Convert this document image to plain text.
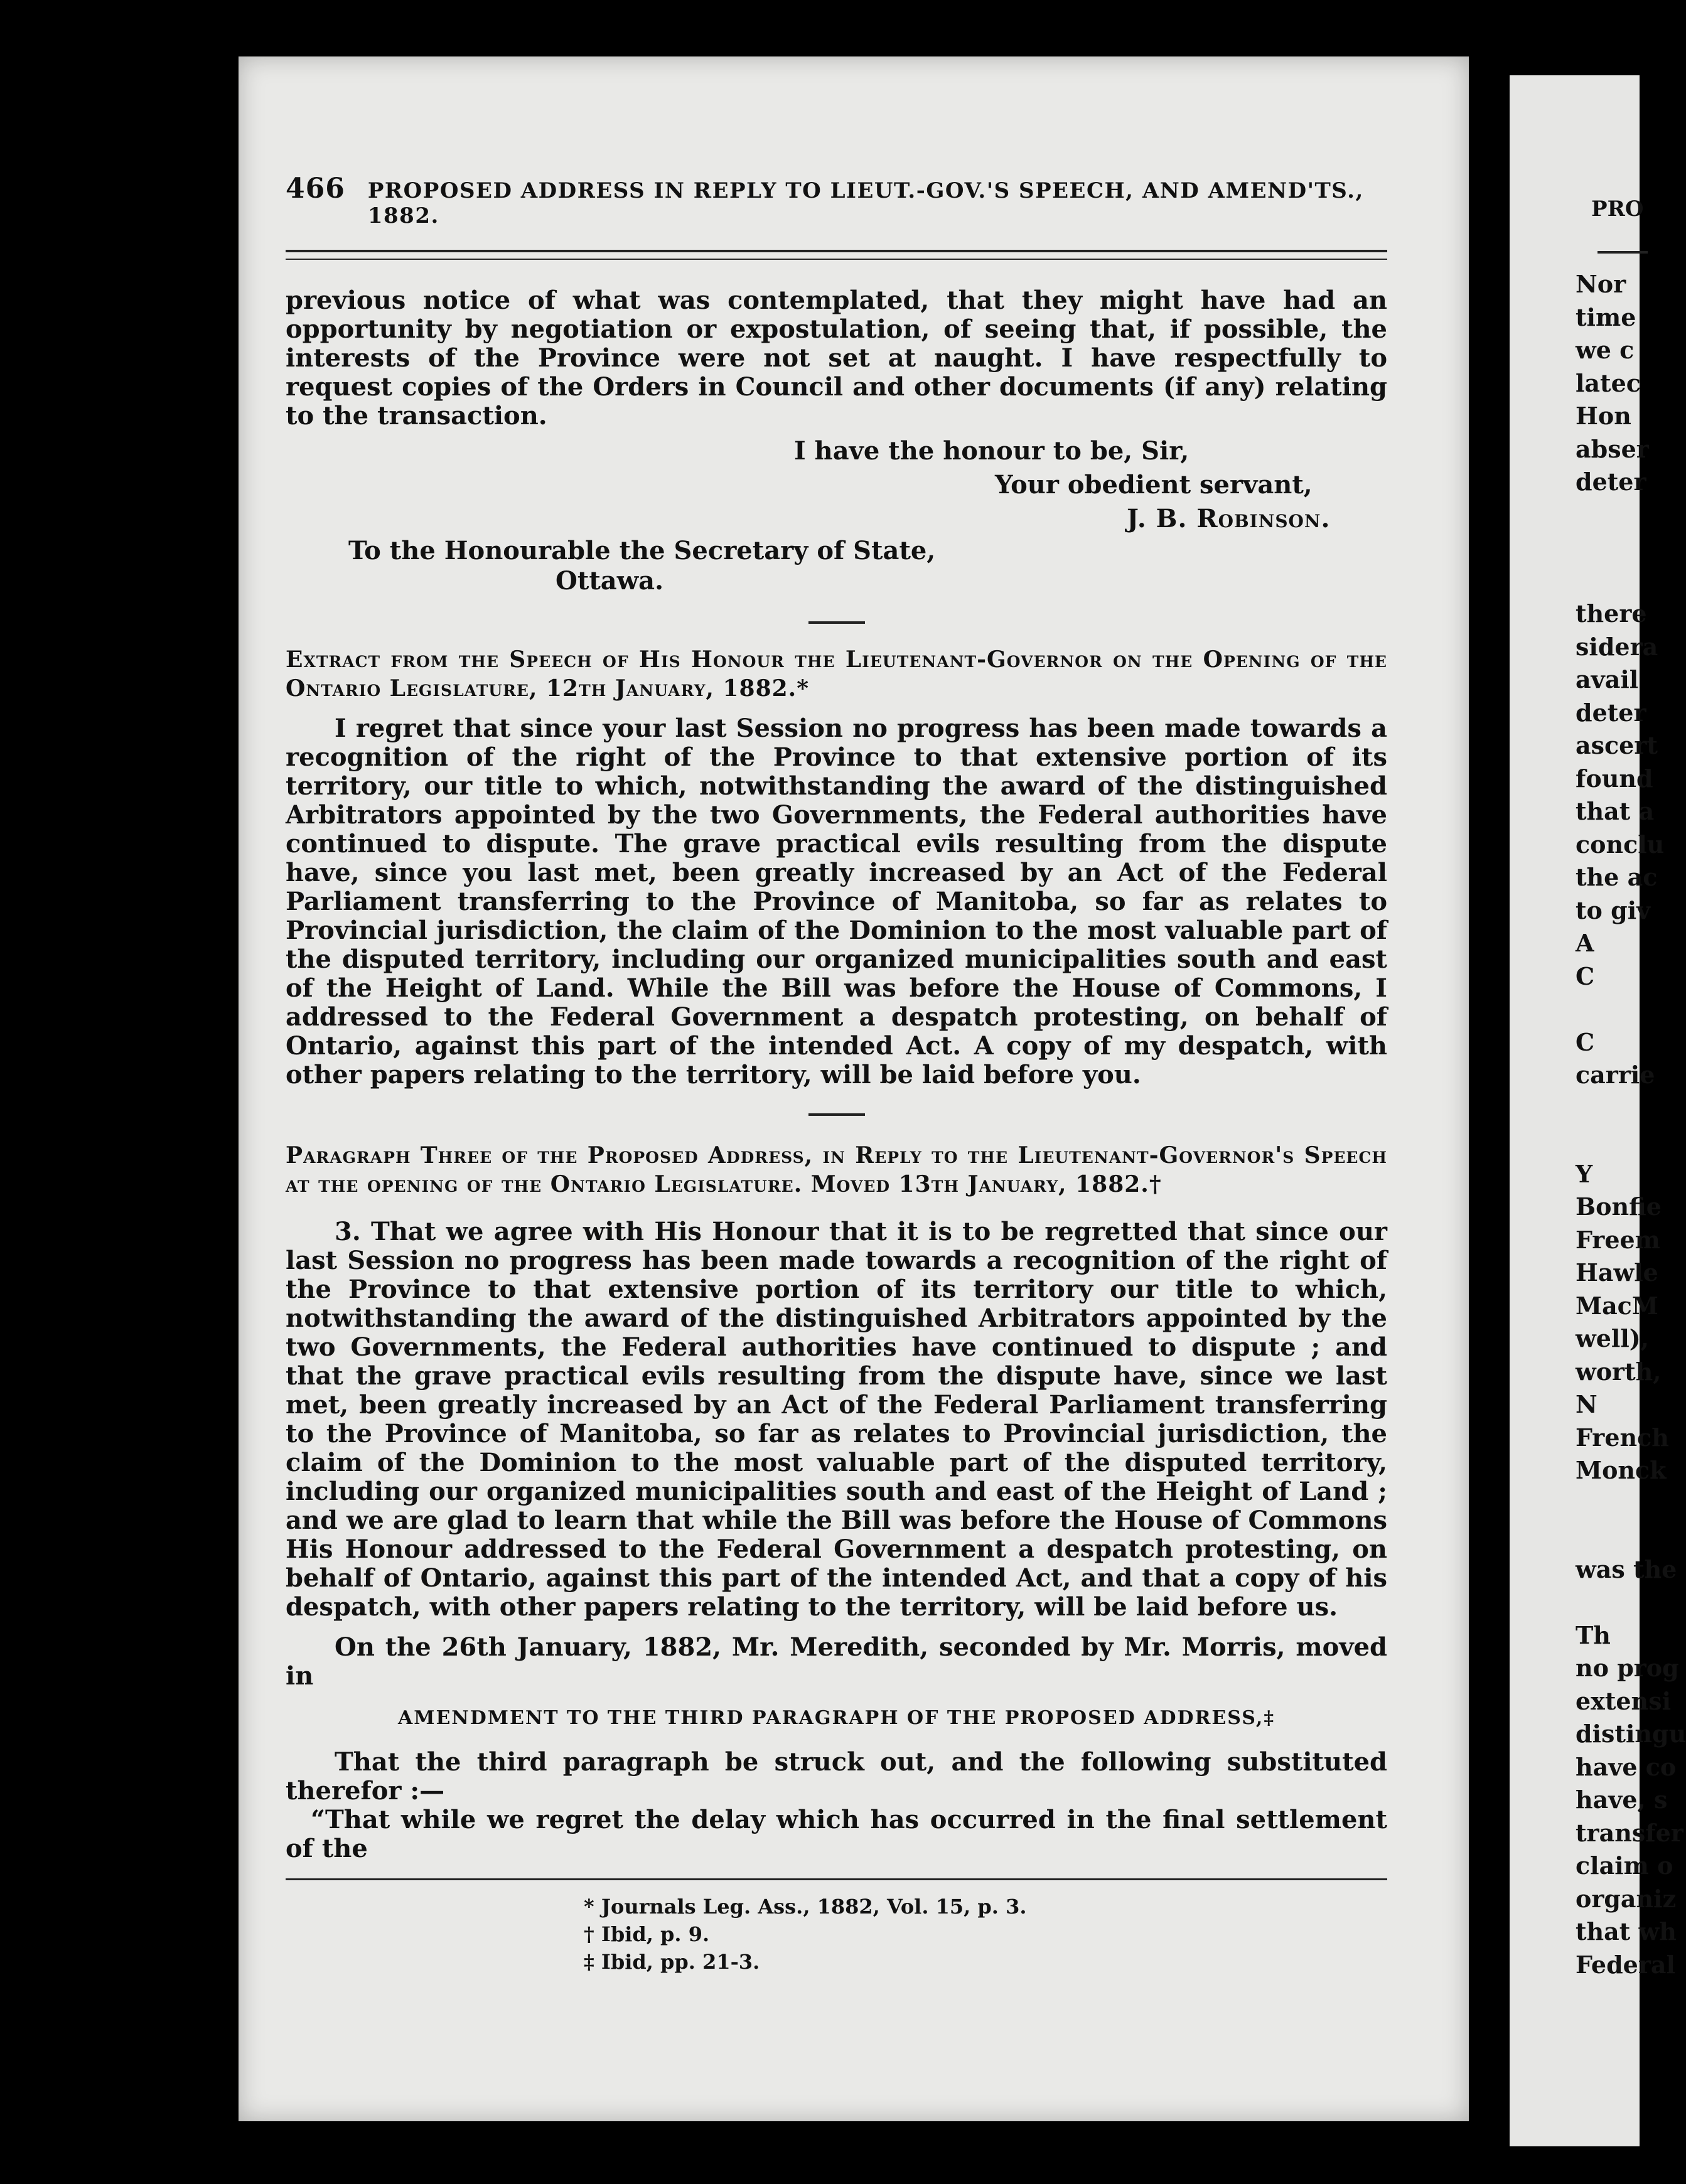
466 PROPOSED ADDRESS IN REPLY TO LIEUT.-GOV.'S SPEECH, AND AMEND'TS., 1882.

previous notice of what was contemplated, that they might have had an opportunity by negotiation or expostulation, of seeing that, if possible, the interests of the Province were not set at naught. I have respectfully to request copies of the Orders in Council and other documents (if any) relating to the transaction.

I have the honour to be, Sir,
Your obedient servant,
J. B. Robinson.
To the Honourable the Secretary of State,
Ottawa.
Extract from the Speech of His Honour the Lieutenant-Governor on the Opening of the Ontario Legislature, 12th January, 1882.*

I regret that since your last Session no progress has been made towards a recognition of the right of the Province to that extensive portion of its territory, our title to which, notwithstanding the award of the distinguished Arbitrators appointed by the two Governments, the Federal authorities have continued to dispute. The grave practical evils resulting from the dispute have, since you last met, been greatly increased by an Act of the Federal Parliament transferring to the Province of Manitoba, so far as relates to Provincial jurisdiction, the claim of the Dominion to the most valuable part of the disputed territory, including our organized municipalities south and east of the Height of Land. While the Bill was before the House of Commons, I addressed to the Federal Government a despatch protesting, on behalf of Ontario, against this part of the intended Act. A copy of my despatch, with other papers relating to the territory, will be laid before you.

Paragraph Three of the Proposed Address, in Reply to the Lieutenant-Governor's Speech at the opening of the Ontario Legislature. Moved 13th January, 1882.†

3. That we agree with His Honour that it is to be regretted that since our last Session no progress has been made towards a recognition of the right of the Province to that extensive portion of its territory our title to which, notwithstanding the award of the distinguished Arbitrators appointed by the two Governments, the Federal authorities have continued to dispute ; and that the grave practical evils resulting from the dispute have, since we last met, been greatly increased by an Act of the Federal Parliament transferring to the Province of Manitoba, so far as relates to Provincial jurisdiction, the claim of the Dominion to the most valuable part of the disputed territory, including our organized municipalities south and east of the Height of Land ; and we are glad to learn that while the Bill was before the House of Commons His Honour addressed to the Federal Government a despatch protesting, on behalf of Ontario, against this part of the intended Act, and that a copy of his despatch, with other papers relating to the territory, will be laid before us.

On the 26th January, 1882, Mr. Meredith, seconded by Mr. Morris, moved in

AMENDMENT TO THE THIRD PARAGRAPH OF THE PROPOSED ADDRESS,‡

That the third paragraph be struck out, and the following substituted therefor :—

“That while we regret the delay which has occurred in the final settlement of the

* Journals Leg. Ass., 1882, Vol. 15, p. 3.
† Ibid, p. 9.
‡ Ibid, pp. 21-3.
PRO
Nor
time
we c
latec
Hon
abser
deter
there
sidera
avail
deter
ascert
found
that a
conclu
the ac
to giv
A
C
C
carrie
Y
Bonfie
Freem
Hawle
MacM
well),
worth,
N
French
Monck
was the
Th
no prog
extensi
distingu
have co
have, s
transfer
claim o
organiz
that wh
Federal
